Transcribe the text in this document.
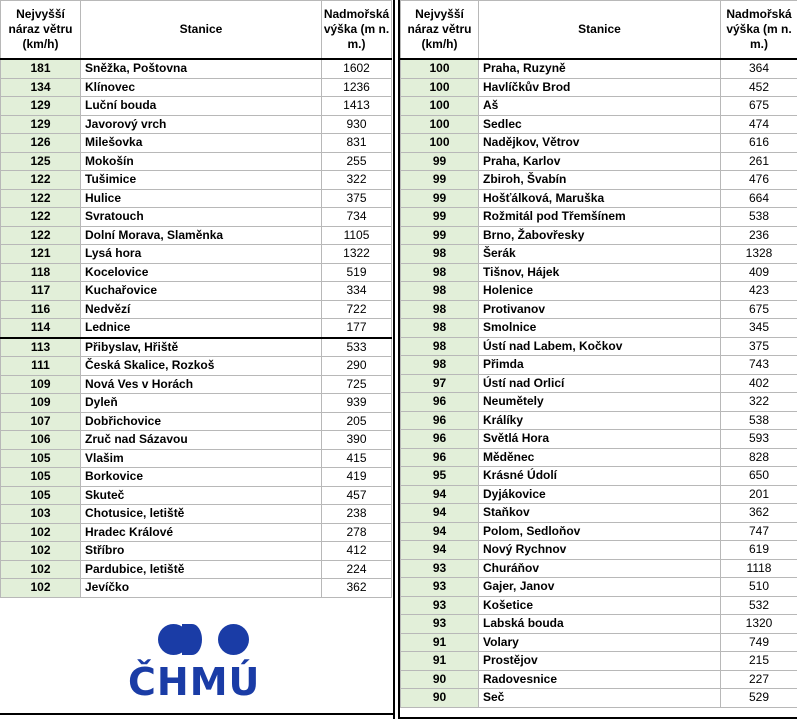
Nejvyšší náraz větru (km/h)	Stanice	Nadmořská výška (m n. m.)
181	Sněžka, Poštovna	1602
134	Klínovec	1236
129	Luční bouda	1413
129	Javorový vrch	930
126	Milešovka	831
125	Mokošín	255
122	Tušimice	322
122	Hulice	375
122	Svratouch	734
122	Dolní Morava, Slaměnka	1105
121	Lysá hora	1322
118	Kocelovice	519
117	Kuchařovice	334
116	Nedvězí	722
114	Lednice	177
113	Přibyslav, Hřiště	533
111	Česká Skalice, Rozkoš	290
109	Nová Ves v Horách	725
109	Dyleň	939
107	Dobřichovice	205
106	Zruč nad Sázavou	390
105	Vlašim	415
105	Borkovice	419
105	Skuteč	457
103	Chotusice, letiště	238
102	Hradec Králové	278
102	Stříbro	412
102	Pardubice, letiště	224
102	Jevíčko	362
Nejvyšší náraz větru (km/h)	Stanice	Nadmořská výška (m n. m.)
100	Praha, Ruzyně	364
100	Havlíčkův Brod	452
100	Aš	675
100	Sedlec	474
100	Nadějkov, Větrov	616
99	Praha, Karlov	261
99	Zbiroh, Švabín	476
99	Hošťálková, Maruška	664
99	Rožmitál pod Třemšínem	538
99	Brno, Žabovřesky	236
98	Šerák	1328
98	Tišnov, Hájek	409
98	Holenice	423
98	Protivanov	675
98	Smolnice	345
98	Ústí nad Labem, Kočkov	375
98	Přimda	743
97	Ústí nad Orlicí	402
96	Neumětely	322
96	Králíky	538
96	Světlá Hora	593
96	Měděnec	828
95	Krásné Údolí	650
94	Dyjákovice	201
94	Staňkov	362
94	Polom, Sedloňov	747
94	Nový Rychnov	619
93	Churáňov	1118
93	Gajer, Janov	510
93	Košetice	532
93	Labská bouda	1320
91	Volary	749
91	Prostějov	215
90	Radovesnice	227
90	Seč	529
ČHMÚ
